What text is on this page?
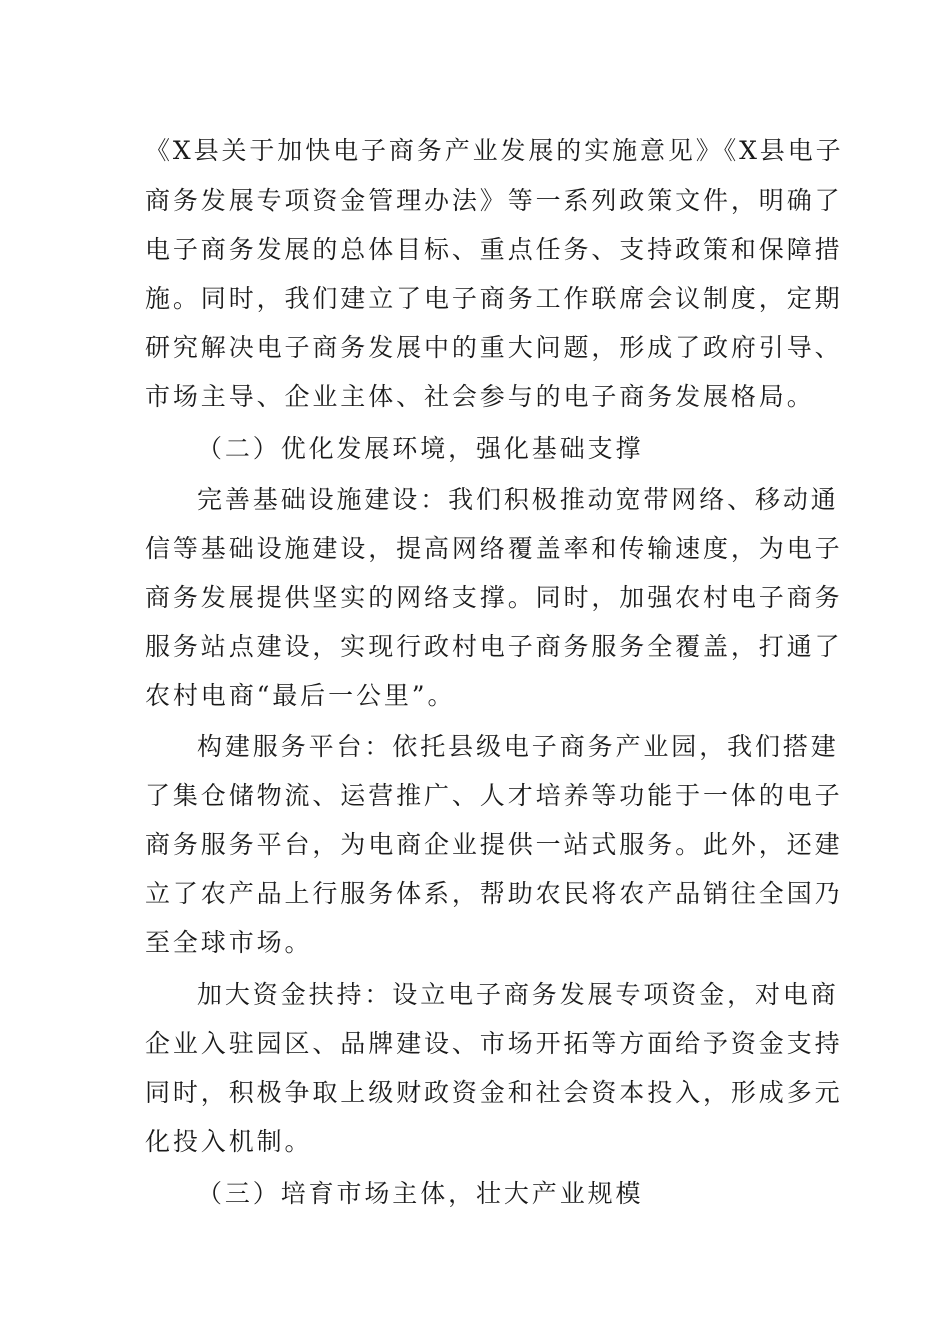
《X县关于加快电子商务产业发展的实施意见》《X县电子
商务发展专项资金管理办法》等一系列政策文件，明确了
电子商务发展的总体目标、重点任务、支持政策和保障措
施。同时，我们建立了电子商务工作联席会议制度，定期
研究解决电子商务发展中的重大问题，形成了政府引导、
市场主导、企业主体、社会参与的电子商务发展格局。
（二）优化发展环境，强化基础支撑
完善基础设施建设：我们积极推动宽带网络、移动通
信等基础设施建设，提高网络覆盖率和传输速度，为电子
商务发展提供坚实的网络支撑。同时，加强农村电子商务
服务站点建设，实现行政村电子商务服务全覆盖，打通了
农村电商“最后一公里”。
构建服务平台：依托县级电子商务产业园，我们搭建
了集仓储物流、运营推广、人才培养等功能于一体的电子
商务服务平台，为电商企业提供一站式服务。此外，还建
立了农产品上行服务体系，帮助农民将农产品销往全国乃
至全球市场。
加大资金扶持：设立电子商务发展专项资金，对电商
企业入驻园区、品牌建设、市场开拓等方面给予资金支持
同时，积极争取上级财政资金和社会资本投入，形成多元
化投入机制。
（三）培育市场主体，壮大产业规模
